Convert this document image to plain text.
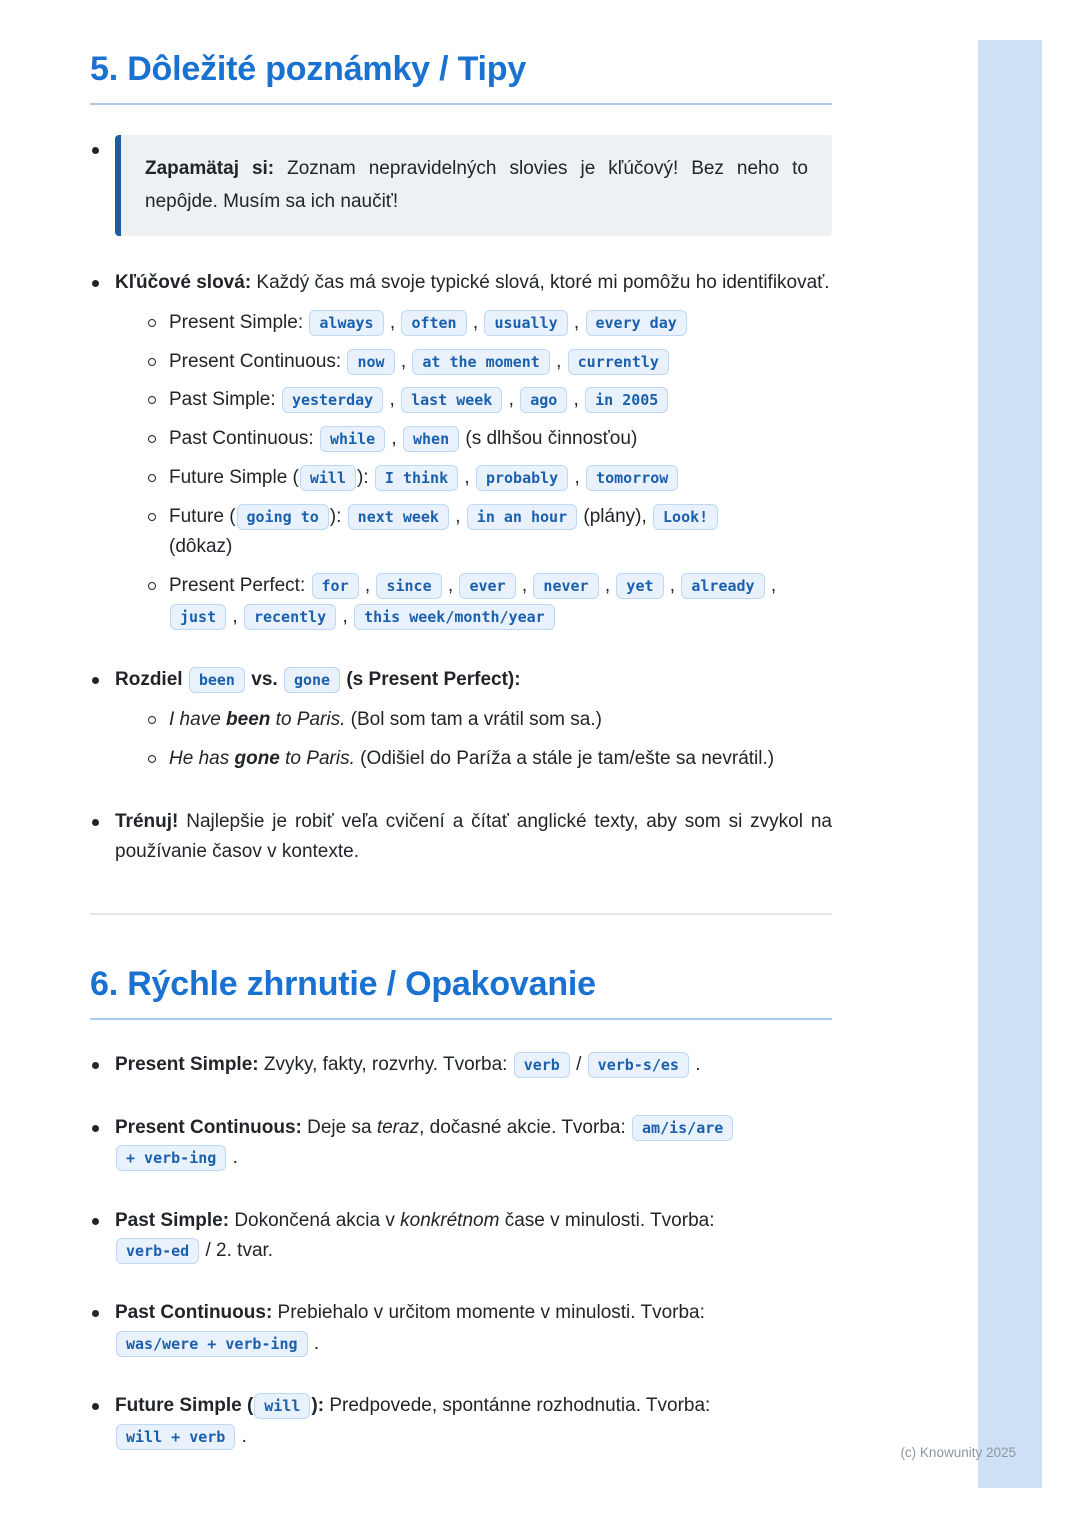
5. Dôležité poznámky / Tipy

Zapamätaj si: Zoznam nepravidelných slovies je kľúčový! Bez neho to nepôjde. Musím sa ich naučiť!

Kľúčové slová: Každý čas má svoje typické slová, ktoré mi pomôžu ho identifikovať.

Present Simple: always , often , usually , every day

Present Continuous: now , at the moment , currently

Past Simple: yesterday , last week , ago , in 2005

Past Continuous: while , when (s dlhšou činnosťou)

Future Simple ( will ): I think , probably , tomorrow

Future ( going to ): next week , in an hour (plány), Look!
(dôkaz)

Present Perfect: for , since , ever , never , yet , already , just , recently , this week/month/year

Rozdiel been vs. gone (s Present Perfect):

I have been to Paris. (Bol som tam a vrátil som sa.)

He has gone to Paris. (Odišiel do Paríža a stále je tam/ešte sa nevrátil.)

Trénuj! Najlepšie je robiť veľa cvičení a čítať anglické texty, aby som si zvykol na používanie časov v kontexte.

6. Rýchle zhrnutie / Opakovanie

Present Simple: Zvyky, fakty, rozvrhy. Tvorba: verb / verb-s/es .

Present Continuous: Deje sa teraz, dočasné akcie. Tvorba: am/is/are
+ verb-ing .

Past Simple: Dokončená akcia v konkrétnom čase v minulosti. Tvorba:
verb-ed / 2. tvar.

Past Continuous: Prebiehalo v určitom momente v minulosti. Tvorba:
was/were + verb-ing .

Future Simple ( will ): Predpovede, spontánne rozhodnutia. Tvorba:
will + verb .

(c) Knowunity 2025
